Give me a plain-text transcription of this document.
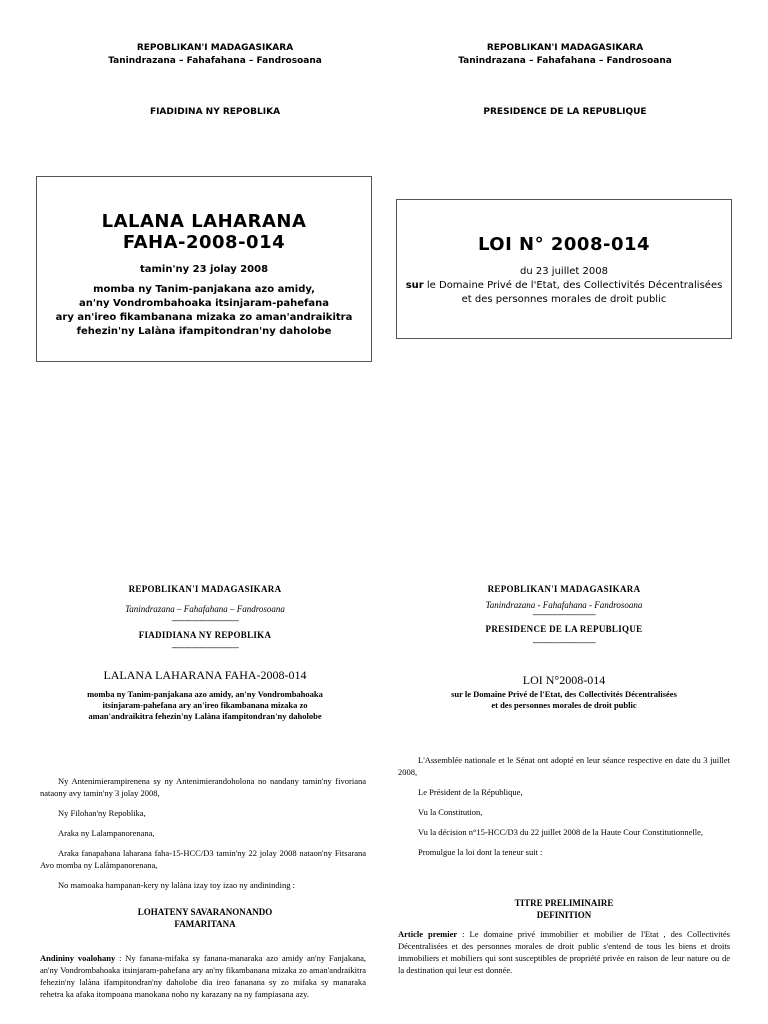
REPOBLIKAN'I MADAGASIKARA
Tanindrazana – Fahafahana – Fandrosoana
FIADIDINA NY REPOBLIKA
LALANA LAHARANA
FAHA-2008-014
tamin'ny 23 jolay 2008
momba ny Tanim-panjakana azo amidy,
an'ny Vondrombahoaka itsinjaram-pahefana
ary an'ireo fikambanana mizaka zo aman'andraikitra
fehezin'ny Lalàna ifampitondran'ny daholobe
REPOBLIKAN'I MADAGASIKARA
Tanindrazana – Fahafahana – Fandrosoana
PRESIDENCE DE LA REPUBLIQUE
LOI N° 2008-014
du 23 juillet 2008
sur le Domaine Privé de l'Etat, des Collectivités Décentralisées
et des personnes morales de droit public
REPOBLIKAN'I MADAGASIKARA
Tanindrazana – Fahafahana – Fandrosoana
-------------------------------
FIADIDIANA NY REPOBLIKA
-------------------------------
LALANA LAHARANA FAHA-2008-014
momba ny Tanim-panjakana azo amidy, an'ny Vondrombahoaka
itsinjaram-pahefana ary an'ireo fikambanana mizaka zo
aman'andraikitra fehezin'ny Lalàna ifampitondran'ny daholobe
Ny Antenimierampirenena sy ny Antenimierandoholona no nandany tamin'ny fivoriana nataony avy tamin'ny 3 jolay 2008,
Ny Filohan'ny Repoblika,
Araka ny Lalampanorenana,
Araka fanapahana laharana faha-15-HCC/D3 tamin'ny 22 jolay 2008 nataon'ny Fitsarana Avo momba ny Lalàmpanorenana,
No mamoaka hampanan-kery ny lalàna izay toy izao ny andininding :
LOHATENY SAVARANONANDO
FAMARITANA
Andininy voalohany : Ny fanana-mifaka sy fanana-manaraka azo amidy an'ny Fanjakana, an'ny Vondrombahoaka itsinjaram-pahefana ary an'ny fikambanana mizaka zo aman'andraikitra fehezin'ny lalàna ifampitondran'ny daholobe dia ireo fananana sy zo mifaka sy manaraka rehetra ka afaka itompoana manokana noho ny karazany na ny fampiasana azy.
REPOBLIKAN'I MADAGASIKARA
Tanindrazana - Fahafahana - Fandrosoana
-----------------------------
PRESIDENCE DE LA REPUBLIQUE
-----------------------------
LOI N°2008-014
sur le Domaine Privé de l'Etat, des Collectivités Décentralisées
et des personnes morales de droit public
L'Assemblée nationale et le Sénat ont adopté en leur séance respective en date du 3 juillet 2008,
Le Président de la République,
Vu la Constitution,
Vu la décision n°15-HCC/D3 du 22 juillet 2008 de la Haute Cour Constitutionnelle,
Promulgue la loi dont la teneur suit :
TITRE PRELIMINAIRE
DEFINITION
Article premier : Le domaine privé immobilier et mobilier de l'Etat , des Collectivités Décentralisées et des personnes morales de droit public s'entend de tous les biens et droits immobiliers et mobiliers qui sont susceptibles de propriété privée en raison de leur nature ou de la destination qui leur est donnée.
